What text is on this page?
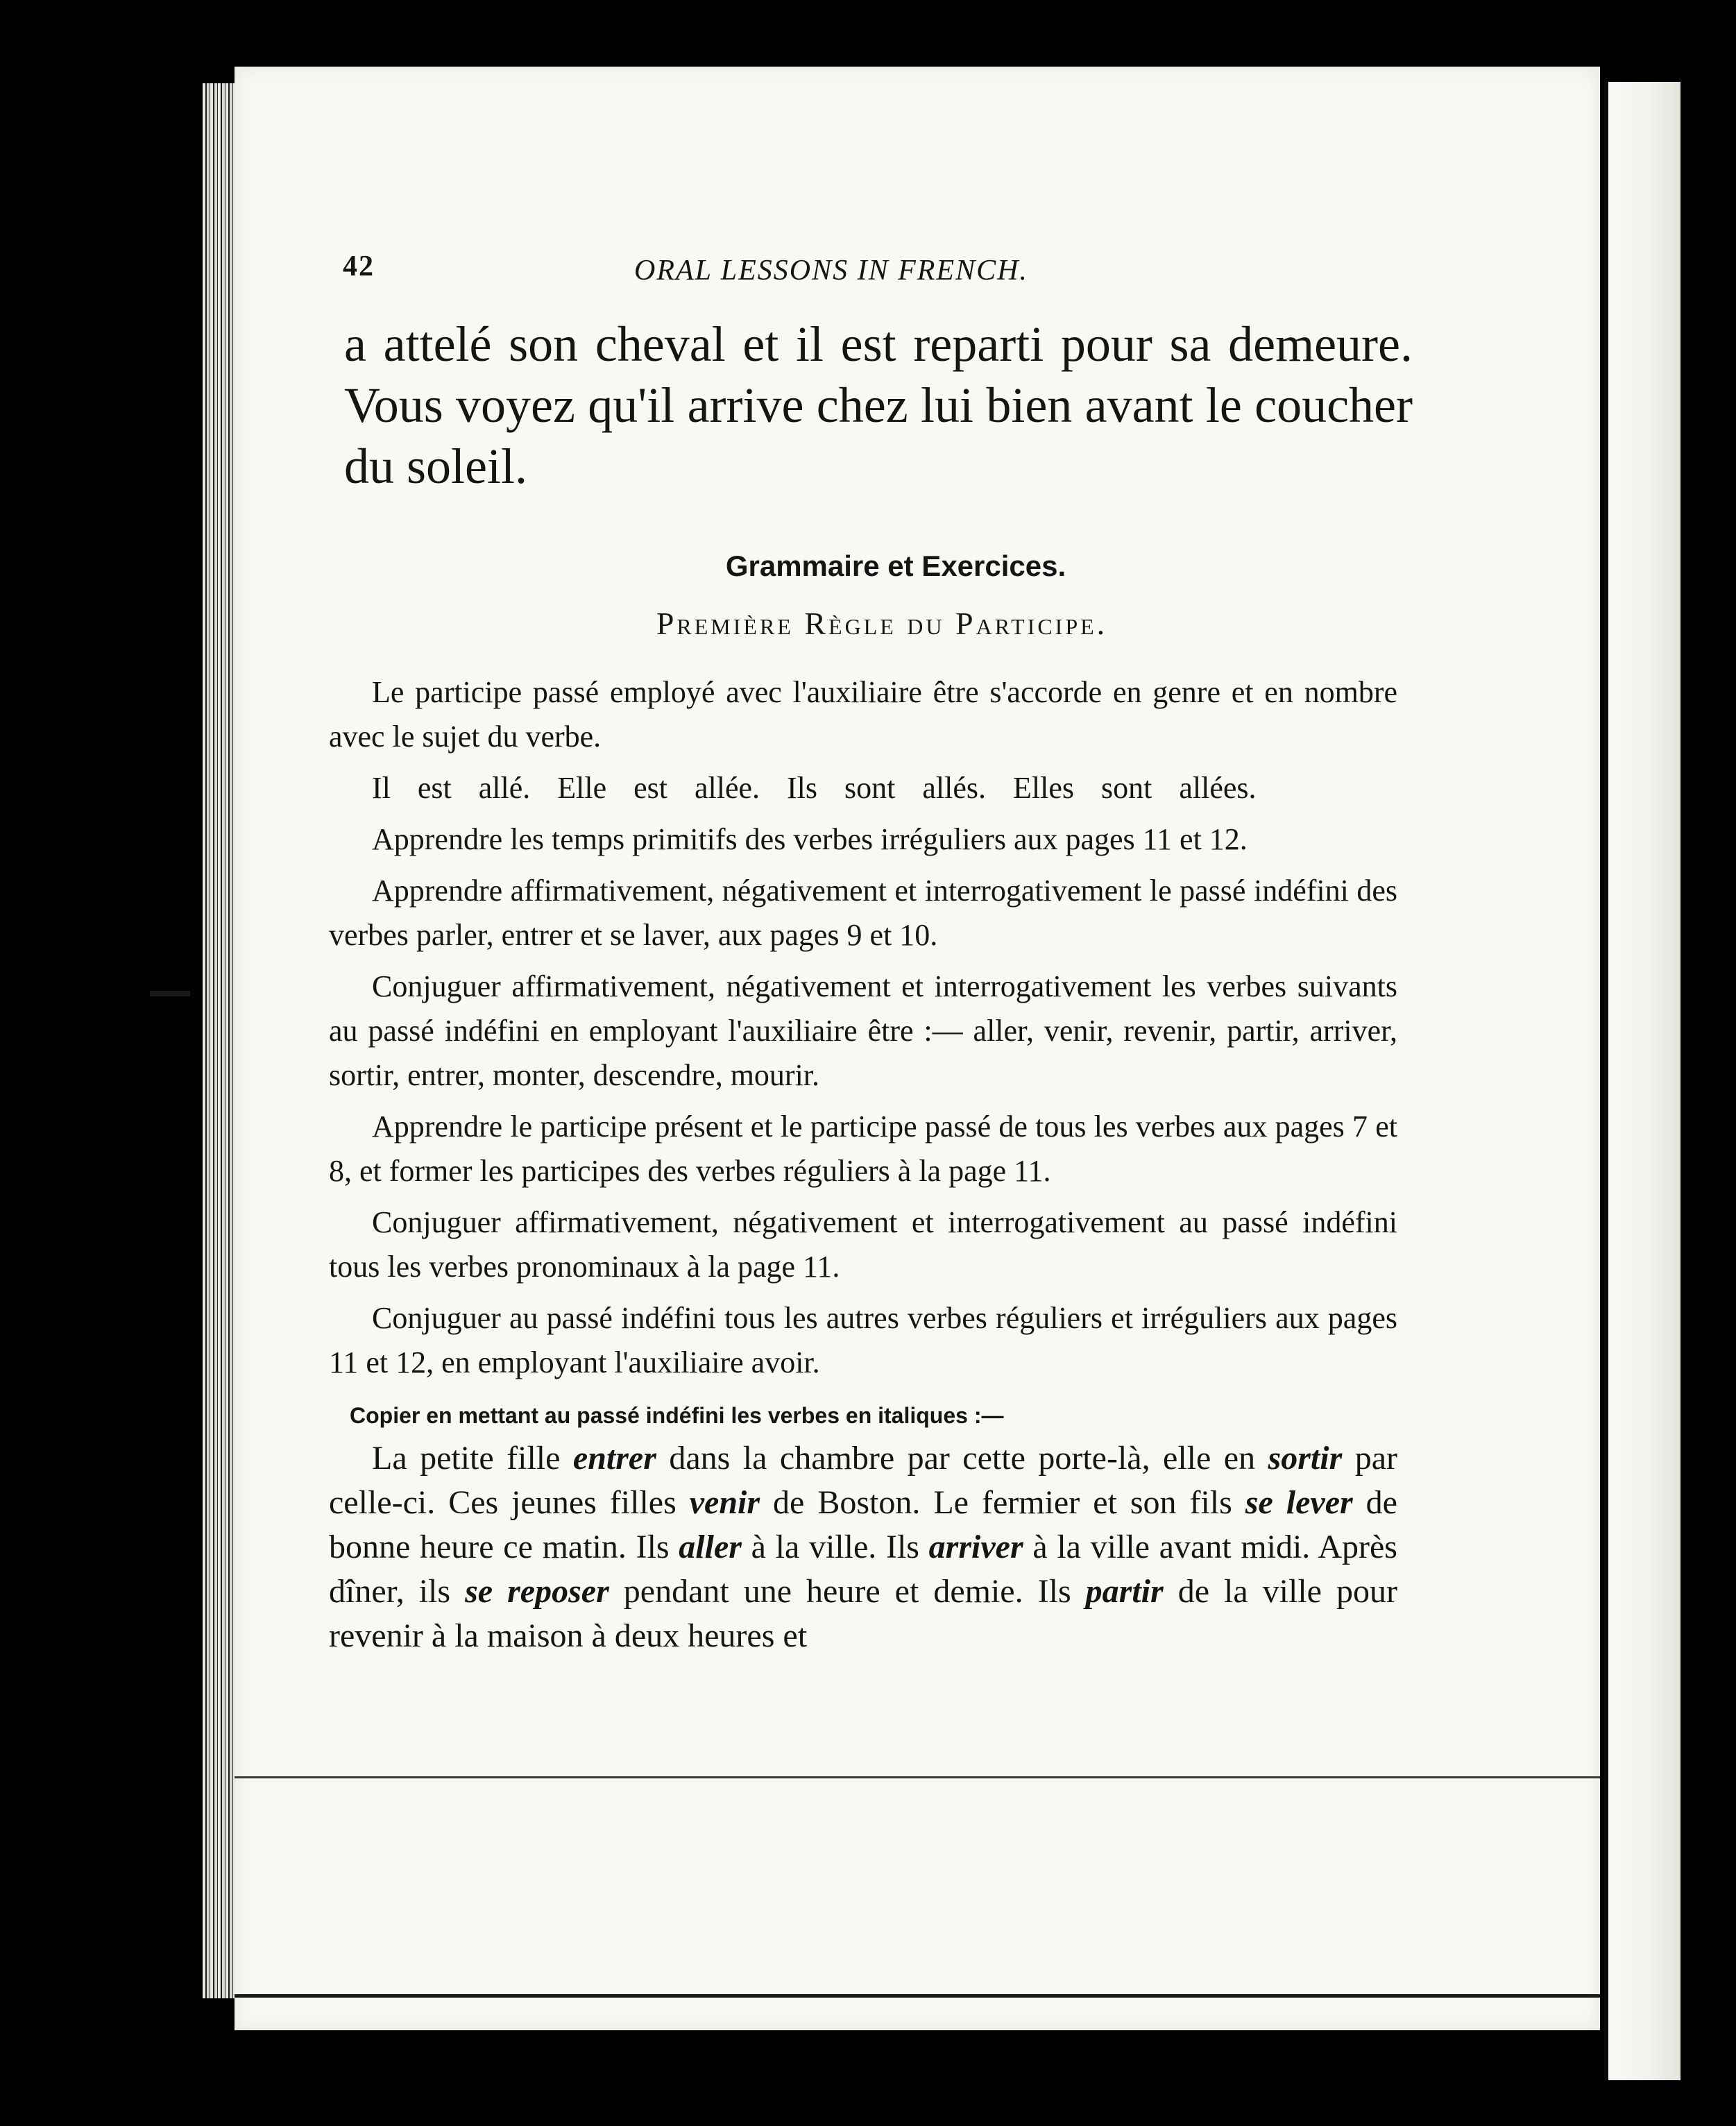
42	ORAL LESSONS IN FRENCH.
a attelé son cheval et il est reparti pour sa demeure. Vous voyez qu'il arrive chez lui bien avant le coucher du soleil.
Grammaire et Exercices.
Première Règle du Participe.

Le participe passé employé avec l'auxiliaire être s'accorde en genre et en nombre avec le sujet du verbe.

Il est allé. Elle est allée. Ils sont allés. Elles sont allées.

Apprendre les temps primitifs des verbes irréguliers aux pages 11 et 12.

Apprendre affirmativement, négativement et interrogativement le passé indéfini des verbes parler, entrer et se laver, aux pages 9 et 10.

Conjuguer affirmativement, négativement et interrogativement les verbes suivants au passé indéfini en employant l'auxiliaire être :— aller, venir, revenir, partir, arriver, sortir, entrer, monter, descendre, mourir.

Apprendre le participe présent et le participe passé de tous les verbes aux pages 7 et 8, et former les participes des verbes réguliers à la page 11.

Conjuguer affirmativement, négativement et interrogativement au passé indéfini tous les verbes pronominaux à la page 11.

Conjuguer au passé indéfini tous les autres verbes réguliers et irréguliers aux pages 11 et 12, en employant l'auxiliaire avoir.

Copier en mettant au passé indéfini les verbes en italiques :—

La petite fille entrer dans la chambre par cette porte-là, elle en sortir par celle-ci. Ces jeunes filles venir de Boston. Le fermier et son fils se lever de bonne heure ce matin. Ils aller à la ville. Ils arriver à la ville avant midi. Après dîner, ils se reposer pendant une heure et demie. Ils partir de la ville pour revenir à la maison à deux heures et
